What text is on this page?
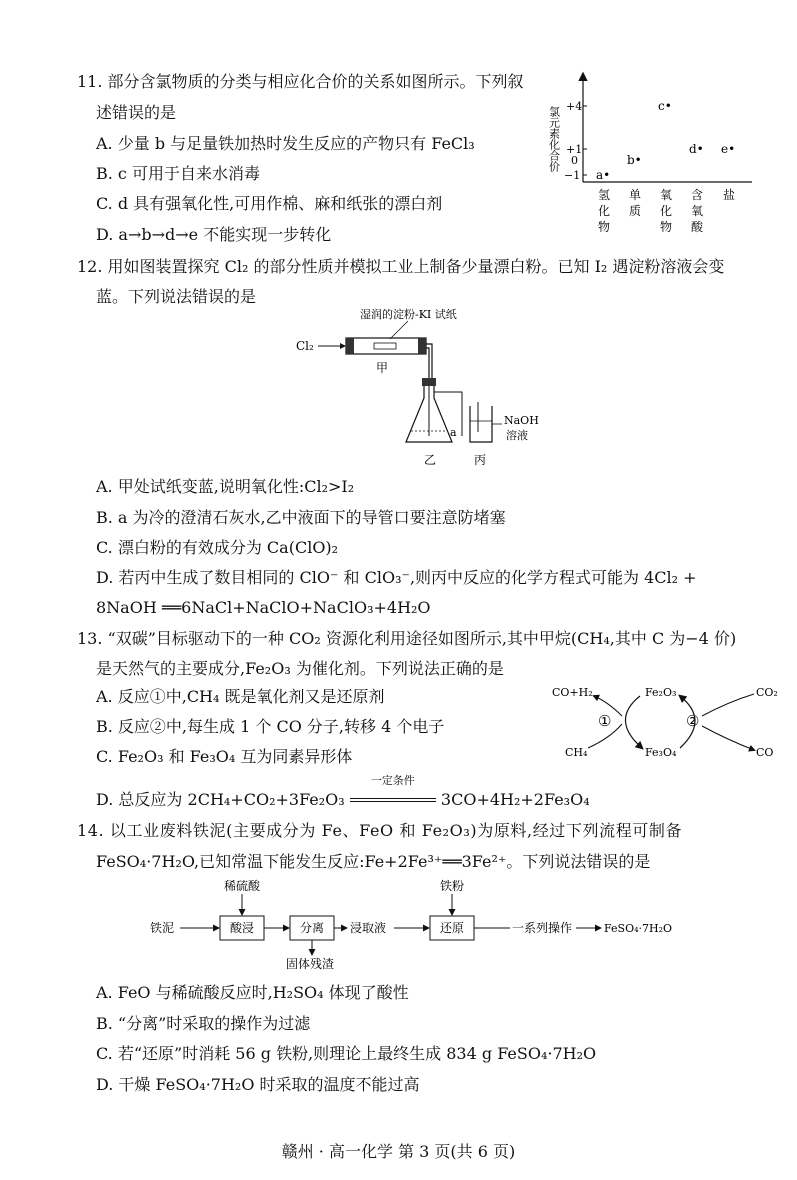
11. 部分含氯物质的分类与相应化合价的关系如图所示。下列叙
述错误的是
A. 少量 b 与足量铁加热时发生反应的产物只有 FeCl₃
B. c 可用于自来水消毒
C. d 具有强氧化性,可用作棉、麻和纸张的漂白剂
D. a→b→d→e 不能实现一步转化
氯元素化合价 +4
+1
0
−1 a•
b•
c•
d• e•
氢
化
物
单
质
氧
化
物
含
氧
酸
盐
12. 用如图装置探究 Cl₂ 的部分性质并模拟工业上制备少量漂白粉。已知 I₂ 遇淀粉溶液会变
蓝。下列说法错误的是
湿润的淀粉-KI 试纸
Cl₂
甲
a
乙
NaOH
溶液
丙
A. 甲处试纸变蓝,说明氧化性:Cl₂>I₂
B. a 为冷的澄清石灰水,乙中液面下的导管口要注意防堵塞
C. 漂白粉的有效成分为 Ca(ClO)₂
D. 若丙中生成了数目相同的 ClO⁻ 和 ClO₃⁻,则丙中反应的化学方程式可能为 4Cl₂ +
8NaOH ══6NaCl+NaClO+NaClO₃+4H₂O
13. “双碳”目标驱动下的一种 CO₂ 资源化利用途径如图所示,其中甲烷(CH₄,其中 C 为−4 价)
是天然气的主要成分,Fe₂O₃ 为催化剂。下列说法正确的是
A. 反应①中,CH₄ 既是氧化剂又是还原剂
B. 反应②中,每生成 1 个 CO 分子,转移 4 个电子
C. Fe₂O₃ 和 Fe₃O₄ 互为同素异形体
D. 总反应为 2CH₄+CO₂+3Fe₂O₃
一定条件
3CO+4H₂+2Fe₃O₄
CO+H₂	Fe₂O₃	CO₂
CH₄	Fe₃O₄	CO
①	②
14. 以工业废料铁泥(主要成分为 Fe、FeO 和 Fe₂O₃)为原料,经过下列流程可制备
FeSO₄·7H₂O,已知常温下能发生反应:Fe+2Fe³⁺══3Fe²⁺。下列说法错误的是
稀硫酸	铁粉
铁泥	酸浸	分离
固体残渣
浸取液	还原	一系列操作	FeSO₄·7H₂O
A. FeO 与稀硫酸反应时,H₂SO₄ 体现了酸性
B. “分离”时采取的操作为过滤
C. 若“还原”时消耗 56 g 铁粉,则理论上最终生成 834 g FeSO₄·7H₂O
D. 干燥 FeSO₄·7H₂O 时采取的温度不能过高
赣州 · 高一化学 第 3 页(共 6 页)
